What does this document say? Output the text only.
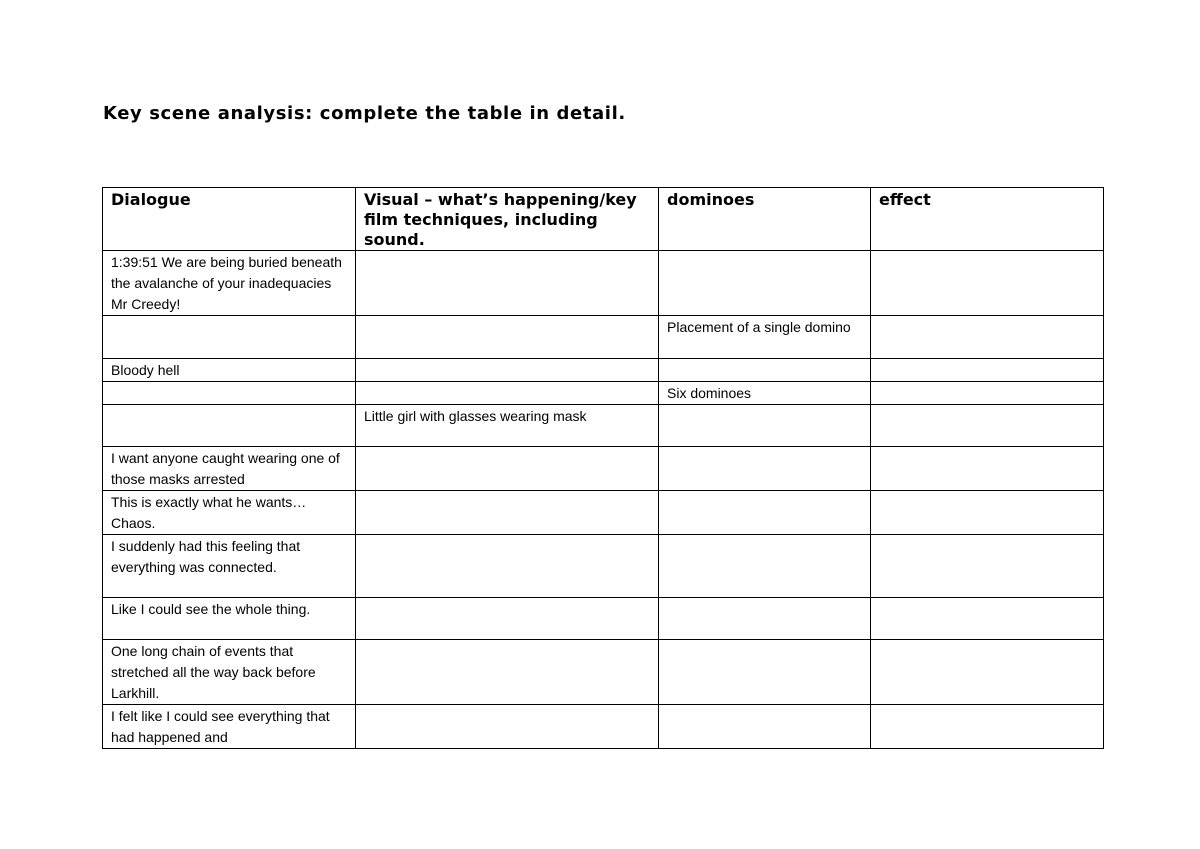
Key scene analysis: complete the table in detail.
Dialogue	Visual – what’s happening/key film techniques, including sound.	dominoes	effect
1:39:51 We are being buried beneath the avalanche of your inadequacies Mr Creedy!			
		Placement of a single domino	
Bloody hell			
		Six dominoes	
	Little girl with glasses wearing mask		
I want anyone caught wearing one of those masks arrested			
This is exactly what he wants… Chaos.			
I suddenly had this feeling that everything was connected.			
Like I could see the whole thing.			
One long chain of events that stretched all the way back before Larkhill.			
I felt like I could see everything that had happened and			
